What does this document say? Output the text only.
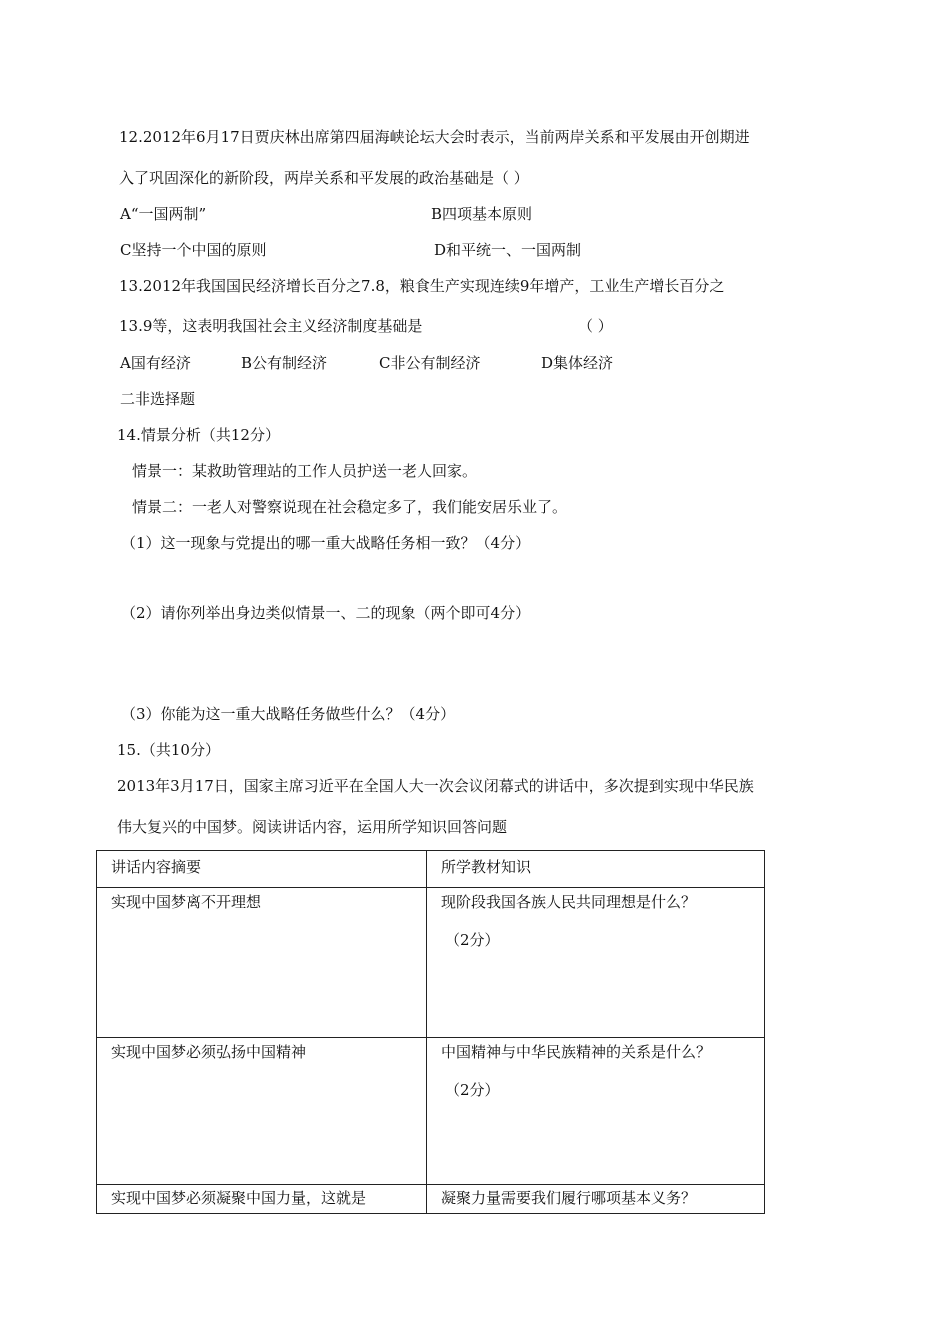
12.2012年6月17日贾庆林出席第四届海峡论坛大会时表示，当前两岸关系和平发展由开创期进
入了巩固深化的新阶段，两岸关系和平发展的政治基础是（ ）
A“一国两制”	B四项基本原则
C坚持一个中国的原则	D和平统一、一国两制
13.2012年我国国民经济增长百分之7.8，粮食生产实现连续9年增产，工业生产增长百分之
13.9等，这表明我国社会主义经济制度基础是	（ ）
A国有经济	B公有制经济	C非公有制经济	D集体经济
二非选择题
14.情景分析（共12分）
情景一：某救助管理站的工作人员护送一老人回家。
情景二：一老人对警察说现在社会稳定多了，我们能安居乐业了。
（1）这一现象与党提出的哪一重大战略任务相一致？（4分）
（2）请你列举出身边类似情景一、二的现象（两个即可4分）
（3）你能为这一重大战略任务做些什么？（4分）
15.（共10分）
2013年3月17日，国家主席习近平在全国人大一次会议闭幕式的讲话中，多次提到实现中华民族
伟大复兴的中国梦。阅读讲话内容，运用所学知识回答问题
讲话内容摘要	所学教材知识

实现中国梦离不开理想	现阶段我国各族人民共同理想是什么？
（2分）

实现中国梦必须弘扬中国精神	中国精神与中华民族精神的关系是什么？
（2分）

实现中国梦必须凝聚中国力量，这就是	凝聚力量需要我们履行哪项基本义务？
